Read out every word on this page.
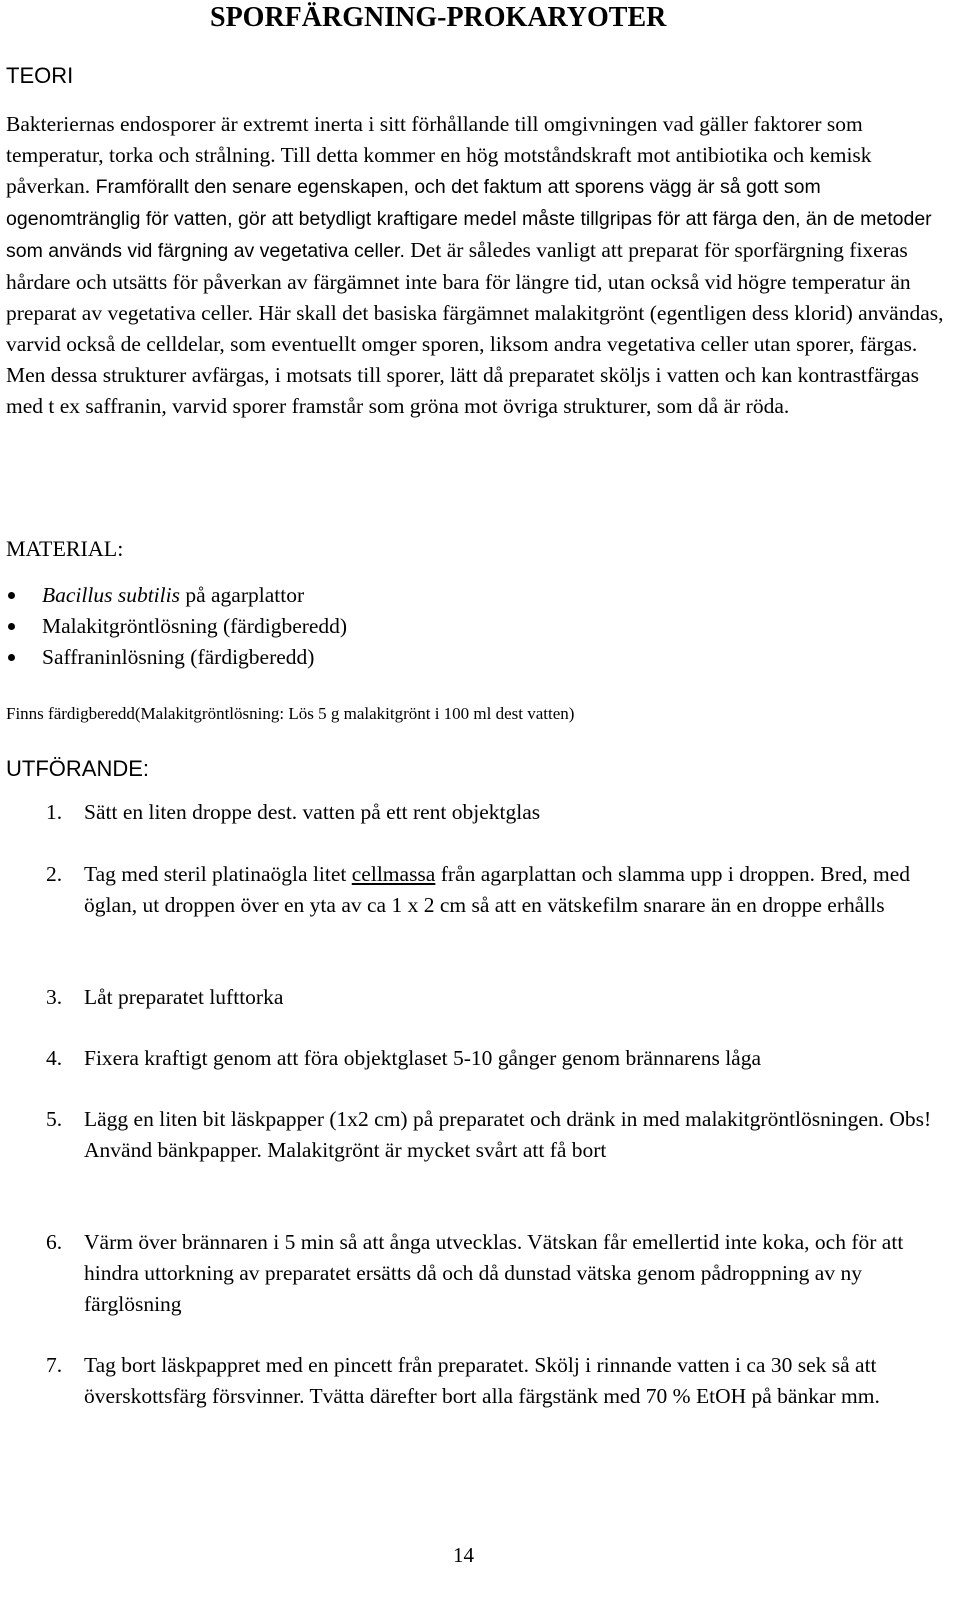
SPORFÄRGNING-PROKARYOTER
TEORI

Bakteriernas endosporer är extremt inerta i sitt förhållande till omgivningen vad gäller faktorer som temperatur, torka och strålning. Till detta kommer en hög motståndskraft mot antibiotika och kemisk påverkan. Framförallt den senare egenskapen, och det faktum att sporens vägg är så gott som ogenomtränglig för vatten, gör att betydligt kraftigare medel måste tillgripas för att färga den, än de metoder som används vid färgning av vegetativa celler. Det är således vanligt att preparat för sporfärgning fixeras hårdare och utsätts för påverkan av färgämnet inte bara för längre tid, utan också vid högre temperatur än preparat av vegetativa celler. Här skall det basiska färgämnet malakitgrönt (egentligen dess klorid) användas, varvid också de celldelar, som eventuellt omger sporen, liksom andra vegetativa celler utan sporer, färgas. Men dessa strukturer avfärgas, i motsats till sporer, lätt då preparatet sköljs i vatten och kan kontrastfärgas med t ex saffranin, varvid sporer framstår som gröna mot övriga strukturer, som då är röda.

MATERIAL:
Bacillus subtilis på agarplattor
Malakitgröntlösning (färdigberedd)
Saffraninlösning (färdigberedd)
Finns färdigberedd(Malakitgröntlösning: Lös 5 g malakitgrönt i 100 ml dest vatten)
UTFÖRANDE:
1. Sätt en liten droppe dest. vatten på ett rent objektglas
2. Tag med steril platinaögla litet cellmassa från agarplattan och slamma upp i droppen. Bred, med öglan, ut droppen över en yta av ca 1 x 2 cm så att en vätskefilm snarare än en droppe erhålls
3. Låt preparatet lufttorka
4. Fixera kraftigt genom att föra objektglaset 5-10 gånger genom brännarens låga
5. Lägg en liten bit läskpapper (1x2 cm) på preparatet och dränk in med malakitgröntlösningen. Obs! Använd bänkpapper. Malakitgrönt är mycket svårt att få bort
6. Värm över brännaren i 5 min så att ånga utvecklas. Vätskan får emellertid inte koka, och för att hindra uttorkning av preparatet ersätts då och då dunstad vätska genom pådroppning av ny färglösning
7. Tag bort läskpappret med en pincett från preparatet. Skölj i rinnande vatten i ca 30 sek så att överskottsfärg försvinner. Tvätta därefter bort alla färgstänk med 70 % EtOH på bänkar mm.
14
